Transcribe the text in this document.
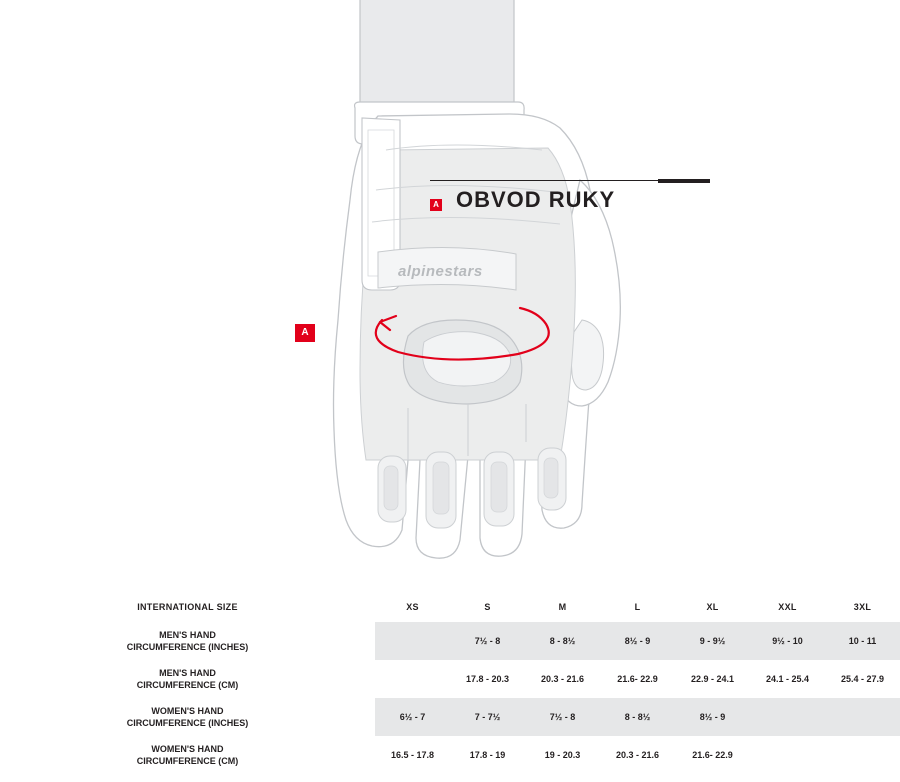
alpinestars
A
A OBVOD RUKY
INTERNATIONAL SIZE	XS	S	M	L	XL	XXL	3XL

MEN'S HAND
CIRCUMFERENCE (INCHES)		7½ - 8	8 - 8½	8½ - 9	9 - 9½	9½ - 10	10 - 11

MEN'S HAND
CIRCUMFERENCE (CM)		17.8 - 20.3	20.3 - 21.6	21.6- 22.9	22.9 - 24.1	24.1 - 25.4	25.4 - 27.9

WOMEN'S HAND
CIRCUMFERENCE (INCHES)	6½ - 7	7 - 7½	7½ - 8	8 - 8½	8½ - 9		

WOMEN'S HAND
CIRCUMFERENCE (CM)	16.5 - 17.8	17.8 - 19	19 - 20.3	20.3 - 21.6	21.6- 22.9		
